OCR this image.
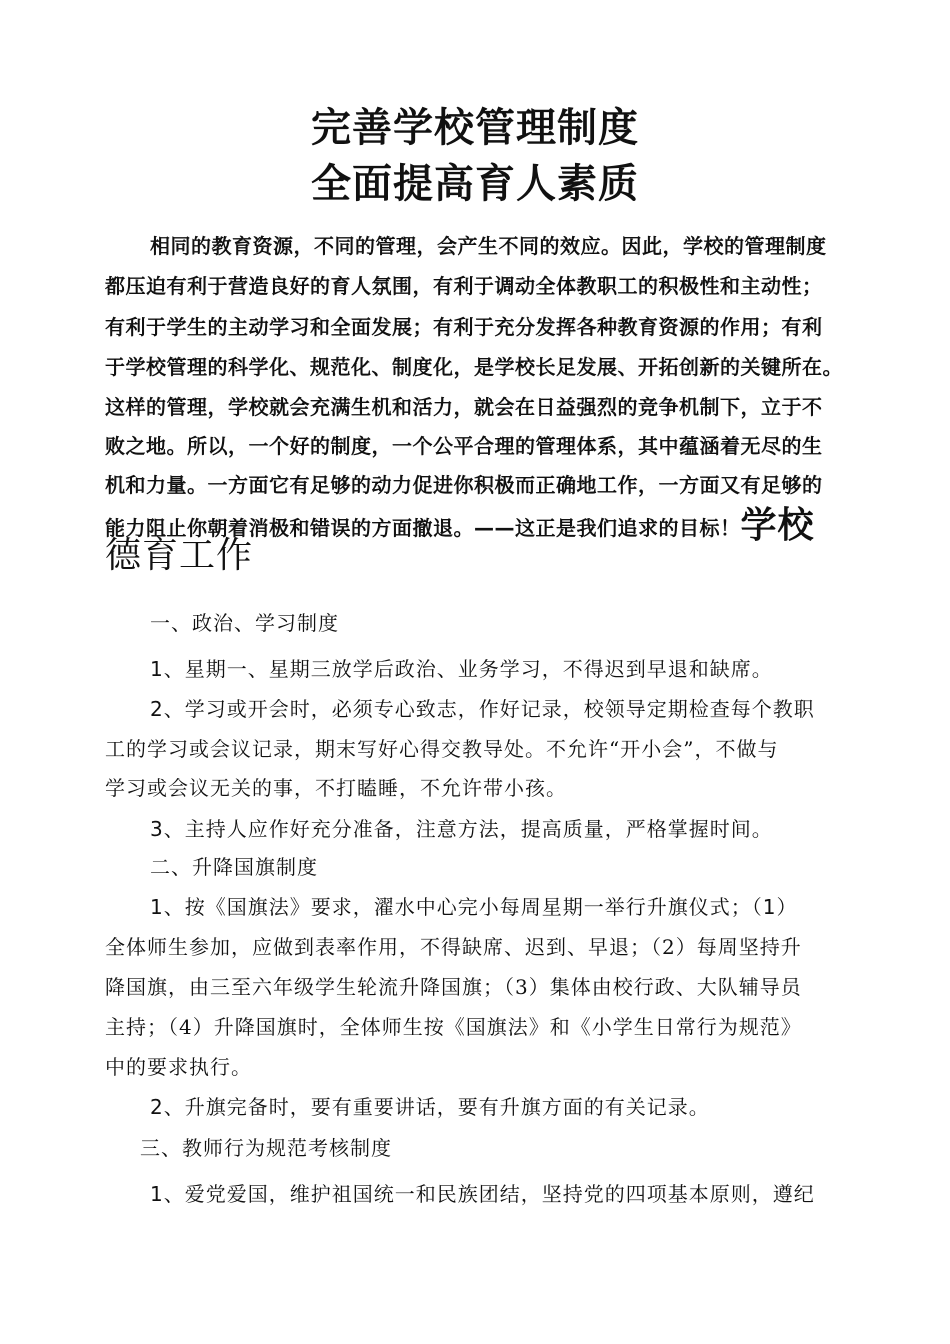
完善学校管理制度
全面提高育人素质
相同的教育资源，不同的管理，会产生不同的效应。因此，学校的管理制度
都压迫有利于营造良好的育人氛围，有利于调动全体教职工的积极性和主动性；
有利于学生的主动学习和全面发展；有利于充分发挥各种教育资源的作用；有利
于学校管理的科学化、规范化、制度化，是学校长足发展、开拓创新的关键所在。
这样的管理，学校就会充满生机和活力，就会在日益强烈的竞争机制下，立于不
败之地。所以，一个好的制度，一个公平合理的管理体系，其中蕴涵着无尽的生
机和力量。一方面它有足够的动力促进你积极而正确地工作，一方面又有足够的
能力阻止你朝着消极和错误的方面撤退。——这正是我们追求的目标！学校
德育工作
一、政治、学习制度
1、星期一、星期三放学后政治、业务学习，不得迟到早退和缺席。
2、学习或开会时，必须专心致志，作好记录，校领导定期检查每个教职
工的学习或会议记录，期末写好心得交教导处。不允许“开小会”，不做与
学习或会议无关的事，不打瞌睡，不允许带小孩。
3、主持人应作好充分准备，注意方法，提高质量，严格掌握时间。
二、升降国旗制度
1、按《国旗法》要求，濯水中心完小每周星期一举行升旗仪式；（1）
全体师生参加，应做到表率作用，不得缺席、迟到、早退；（2）每周坚持升
降国旗，由三至六年级学生轮流升降国旗；（3）集体由校行政、大队辅导员
主持；（4）升降国旗时，全体师生按《国旗法》和《小学生日常行为规范》
中的要求执行。
2、升旗完备时，要有重要讲话，要有升旗方面的有关记录。
三、教师行为规范考核制度
1、爱党爱国，维护祖国统一和民族团结，坚持党的四项基本原则，遵纪
